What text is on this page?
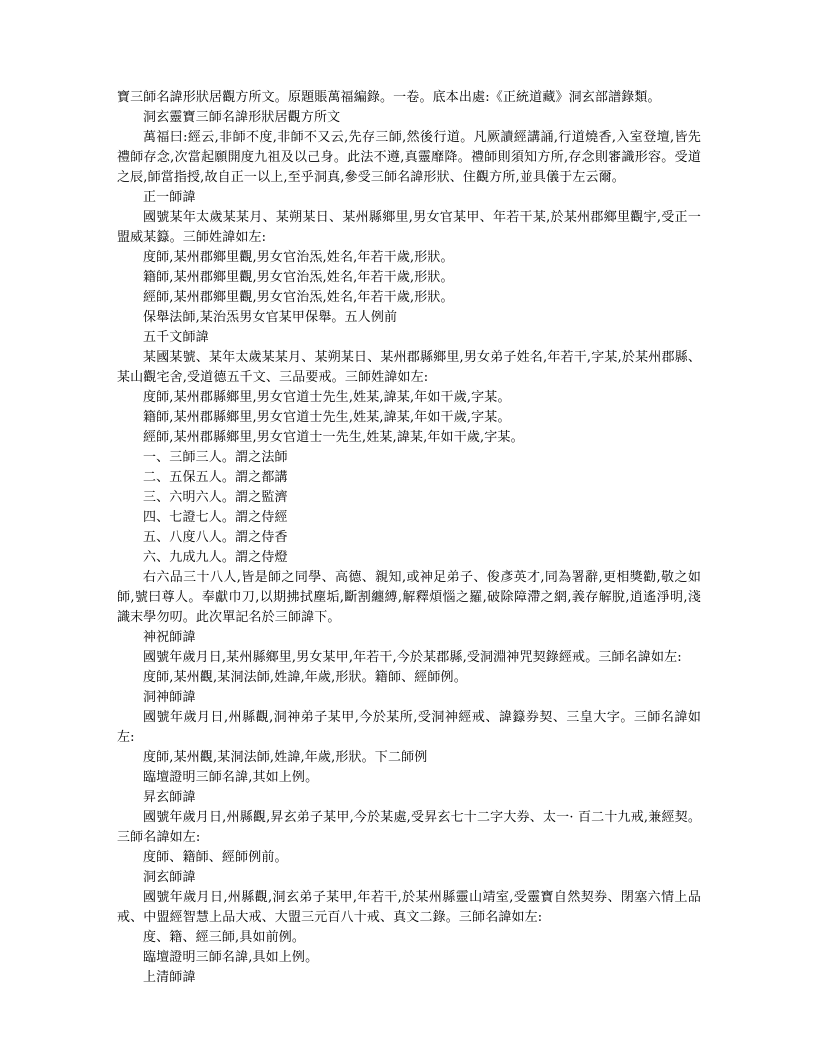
寶三師名諱形狀居觀方所文。原題賬萬福編錄。一卷。底本出處:《正統道藏》洞玄部譜錄類。

洞玄靈寶三師名諱形狀居觀方所文

萬福曰:經云,非師不度,非師不又云,先存三師,然後行道。凡厥讀經講誦,行道燒香,入室登壇,皆先禮師存念,次當起願開度九祖及以己身。此法不遵,真靈靡降。禮師則須知方所,存念則審識形容。受道之辰,師當指授,故自正一以上,至乎洞真,參受三師名諱形狀、住觀方所,並具儀于左云爾。

正一師諱

國號某年太歲某某月、某朔某日、某州縣鄉里,男女官某甲、年若干某,於某州郡鄉里觀宇,受正一盟威某籙。三師姓諱如左:

度師,某州郡鄉里觀,男女官治炁,姓名,年若干歲,形狀。

籍師,某州郡鄉里觀,男女官治炁,姓名,年若干歲,形狀。

經師,某州郡鄉里觀,男女官治炁,姓名,年若干歲,形狀。

保舉法師,某治炁男女官某甲保舉。五人例前

五千文師諱

某國某號、某年太歲某某月、某朔某日、某州郡縣鄉里,男女弟子姓名,年若干,字某,於某州郡縣、某山觀宅舍,受道德五千文、三品要戒。三師姓諱如左:

度師,某州郡縣鄉里,男女官道士先生,姓某,諱某,年如干歲,字某。

籍師,某州郡縣鄉里,男女官道士先生,姓某,諱某,年如干歲,字某。

經師,某州郡縣鄉里,男女官道士一先生,姓某,諱某,年如干歲,字某。

一、三師三人。謂之法師

二、五保五人。謂之都講

三、六明六人。謂之監濟

四、七證七人。謂之侍經

五、八度八人。謂之侍香

六、九成九人。謂之侍燈

右六品三十八人,皆是師之同學、高德、親知,或神足弟子、俊彥英才,同為署辭,更相獎勸,敬之如師,號曰尊人。奉獻巾刀,以期拂拭塵垢,斷割纏縛,解釋煩惱之羅,破除障滯之網,義存解脫,逍遙淨明,淺識末學勿叨。此次單記名於三師諱下。

神祝師諱

國號年歲月日,某州縣鄉里,男女某甲,年若干,今於某郡縣,受洞淵神咒契錄經戒。三師名諱如左:

度師,某州觀,某洞法師,姓諱,年歲,形狀。籍師、經師例。

洞神師諱

國號年歲月日,州縣觀,洞神弟子某甲,今於某所,受洞神經戒、諱籙券契、三皇大字。三師名諱如左:

度師,某州觀,某洞法師,姓諱,年歲,形狀。下二師例

臨壇證明三師名諱,其如上例。

昇玄師諱

國號年歲月日,州縣觀,昇玄弟子某甲,今於某處,受昇玄七十二字大券、太一· 百二十九戒,兼經契。三師名諱如左:

度師、籍師、經師例前。

洞玄師諱

國號年歲月日,州縣觀,洞玄弟子某甲,年若干,於某州縣靈山靖室,受靈寶自然契券、閉塞六情上品戒、中盟經智慧上品大戒、大盟三元百八十戒、真文二錄。三師名諱如左:

度、籍、經三師,具如前例。

臨壇證明三師名諱,具如上例。

上清師諱
